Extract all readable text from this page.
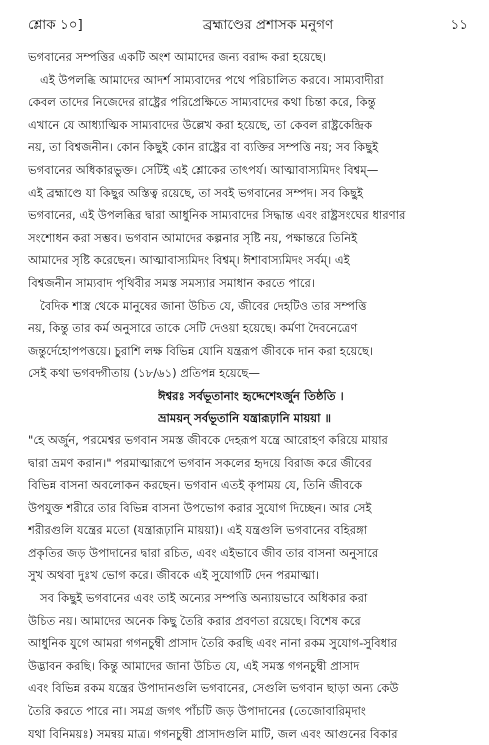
শ্লোক ১০]	ব্রহ্মাণ্ডের প্রশাসক মনুগণ	১১
ভগবানের সম্পত্তির একটি অংশ আমাদের জন্য বরাদ্দ করা হয়েছে।
এই উপলব্ধি আমাদের আদর্শ সাম্যবাদের পথে পরিচালিত করবে। সাম্যবাদীরা
কেবল তাদের নিজেদের রাষ্ট্রের পরিপ্রেক্ষিতে সাম্যবাদের কথা চিন্তা করে, কিন্তু
এখানে যে আধ্যাত্মিক সাম্যবাদের উল্লেখ করা হয়েছে, তা কেবল রাষ্ট্রকেন্দ্রিক
নয়, তা বিশ্বজনীন। কোন কিছুই কোন রাষ্ট্রের বা ব্যক্তির সম্পত্তি নয়; সব কিছুই
ভগবানের অধিকারভুক্ত। সেটিই এই শ্লোকের তাৎপর্য। আত্মাবাস্যমিদং বিশ্বম্—
এই ব্রহ্মাণ্ডে যা কিছুর অস্তিত্ব রয়েছে, তা সবই ভগবানের সম্পদ। সব কিছুই
ভগবানের, এই উপলব্ধির দ্বারা আধুনিক সাম্যবাদের সিদ্ধান্ত এবং রাষ্ট্রসংঘের ধারণার
সংশোধন করা সম্ভব। ভগবান আমাদের কল্পনার সৃষ্টি নয়, পক্ষান্তরে তিনিই
আমাদের সৃষ্টি করেছেন। আত্মাবাস্যমিদং বিশ্বম্। ঈশাবাস্যমিদং সর্বম্। এই
বিশ্বজনীন সাম্যবাদ পৃথিবীর সমস্ত সমস্যার সমাধান করতে পারে।
বৈদিক শাস্ত্র থেকে মানুষের জানা উচিত যে, জীবের দেহটিও তার সম্পত্তি
নয়, কিন্তু তার কর্ম অনুসারে তাকে সেটি দেওয়া হয়েছে। কর্মণা দৈবনেত্রেণ
জন্তুর্দেহোপপত্তয়ে। চুরাশি লক্ষ বিভিন্ন যোনি যন্ত্ররূপ জীবকে দান করা হয়েছে।
সেই কথা ভগবদ্গীতায় (১৮/৬১) প্রতিপন্ন হয়েছে—
ঈশ্বরঃ সর্বভূতানাং হৃদ্দেশেঽর্জুন তিষ্ঠতি ।
ভ্রাময়ন্ সর্বভূতানি যন্ত্রারূঢ়ানি মায়য়া ॥
"হে অর্জুন, পরমেশ্বর ভগবান সমস্ত জীবকে দেহরূপ যন্ত্রে আরোহণ করিয়ে মায়ার
দ্বারা ভ্রমণ করান।" পরমাত্মারূপে ভগবান সকলের হৃদয়ে বিরাজ করে জীবের
বিভিন্ন বাসনা অবলোকন করছেন। ভগবান এতই কৃপাময় যে, তিনি জীবকে
উপযুক্ত শরীরে তার বিভিন্ন বাসনা উপভোগ করার সুযোগ দিচ্ছেন। আর সেই
শরীরগুলি যন্ত্রের মতো (যন্ত্রারূঢ়ানি মায়য়া)। এই যন্ত্রগুলি ভগবানের বহিরঙ্গা
প্রকৃতির জড় উপাদানের দ্বারা রচিত, এবং এইভাবে জীব তার বাসনা অনুসারে
সুখ অথবা দুঃখ ভোগ করে। জীবকে এই সুযোগটি দেন পরমাত্মা।
সব কিছুই ভগবানের এবং তাই অন্যের সম্পত্তি অন্যায়ভাবে অধিকার করা
উচিত নয়। আমাদের অনেক কিছু তৈরি করার প্রবণতা রয়েছে। বিশেষ করে
আধুনিক যুগে আমরা গগনচুম্বী প্রাসাদ তৈরি করছি এবং নানা রকম সুযোগ-সুবিধার
উদ্ভাবন করছি। কিন্তু আমাদের জানা উচিত যে, এই সমস্ত গগনচুম্বী প্রাসাদ
এবং বিভিন্ন রকম যন্ত্রের উপাদানগুলি ভগবানের, সেগুলি ভগবান ছাড়া অন্য কেউ
তৈরি করতে পারে না। সমগ্র জগৎ পাঁচটি জড় উপাদানের (তেজোবারিমৃদাং
যথা বিনিময়ঃ) সমন্বয় মাত্র। গগনচুম্বী প্রাসাদগুলি মাটি, জল এবং আগুনের বিকার
